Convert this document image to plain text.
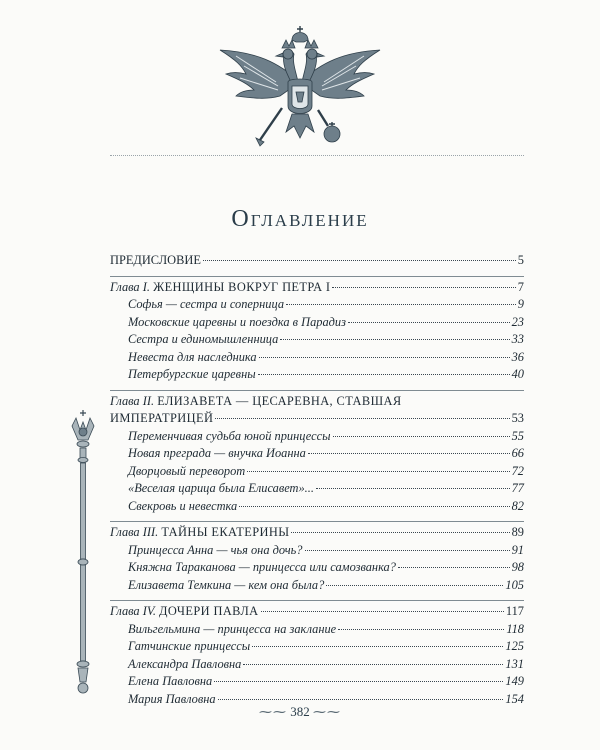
Оглавление
ПРЕДИСЛОВИЕ	5
Глава I. ЖЕНЩИНЫ ВОКРУГ ПЕТРА I	7
Софья — сестра и соперница	9
Московские царевны и поездка в Парадиз	23
Сестра и единомышленница	33
Невеста для наследника	36
Петербургские царевны	40
Глава II. ЕЛИЗАВЕТА — ЦЕСАРЕВНА, СТАВШАЯ
ИМПЕРАТРИЦЕЙ	53
Переменчивая судьба юной принцессы	55
Новая преграда — внучка Иоанна	66
Дворцовый переворот	72
«Веселая царица была Елисавет»...	77
Свекровь и невестка	82
Глава III. ТАЙНЫ ЕКАТЕРИНЫ	89
Принцесса Анна — чья она дочь?	91
Княжна Тараканова — принцесса или самозванка?	98
Елизавета Темкина — кем она была?	105
Глава IV. ДОЧЕРИ ПАВЛА	117
Вильгельмина — принцесса на заклание	118
Гатчинские принцессы	125
Александра Павловна	131
Елена Павловна	149
Мария Павловна	154
⁓⁓ 382 ⁓⁓
